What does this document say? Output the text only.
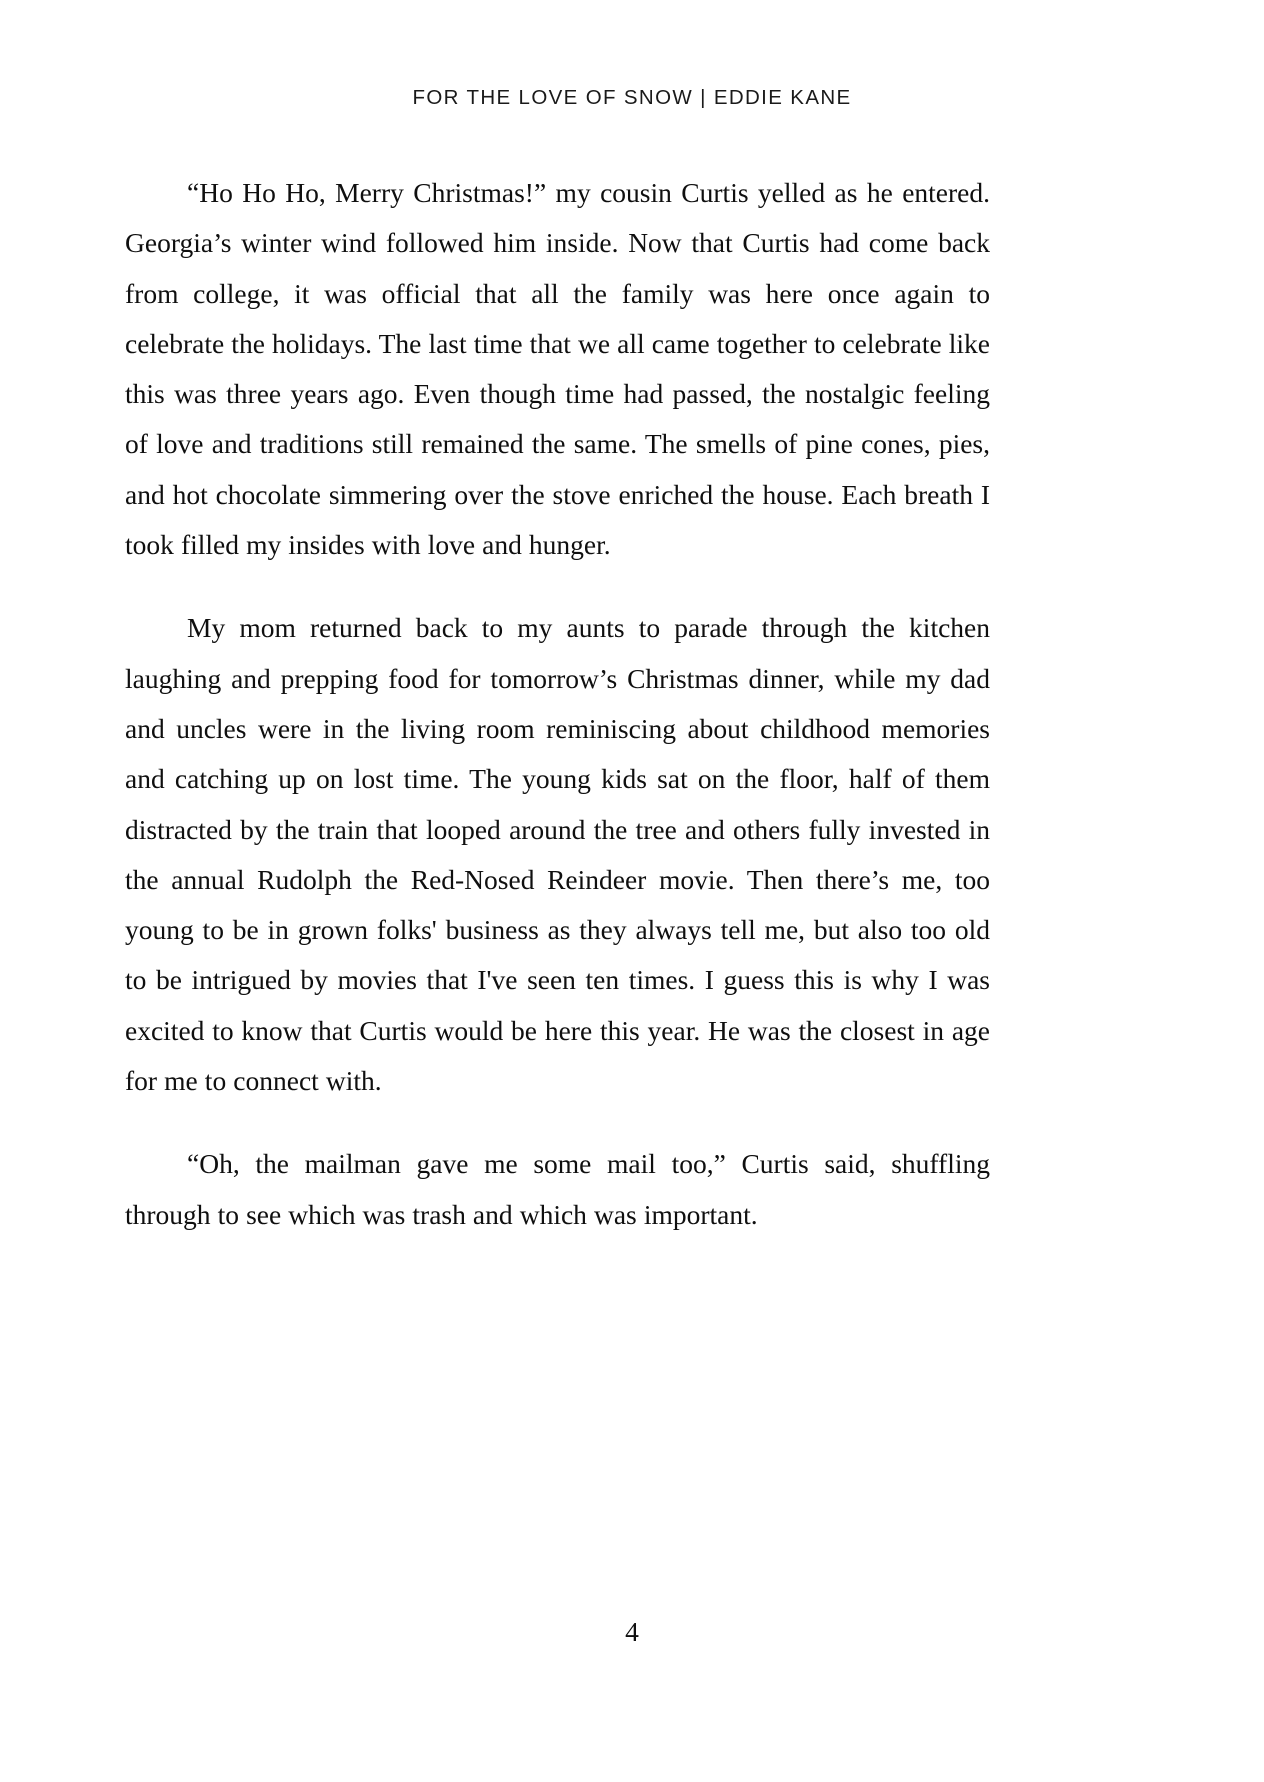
FOR THE LOVE OF SNOW | EDDIE KANE

“Ho Ho Ho, Merry Christmas!” my cousin Curtis yelled as he entered. Georgia’s winter wind followed him inside. Now that Curtis had come back from college, it was official that all the family was here once again to celebrate the holidays. The last time that we all came together to celebrate like this was three years ago. Even though time had passed, the nostalgic feeling of love and traditions still remained the same. The smells of pine cones, pies, and hot chocolate simmering over the stove enriched the house. Each breath I took filled my insides with love and hunger.

My mom returned back to my aunts to parade through the kitchen laughing and prepping food for tomorrow’s Christmas dinner, while my dad and uncles were in the living room reminiscing about childhood memories and catching up on lost time. The young kids sat on the floor, half of them distracted by the train that looped around the tree and others fully invested in the annual Rudolph the Red-Nosed Reindeer movie. Then there’s me, too young to be in grown folks' business as they always tell me, but also too old to be intrigued by movies that I've seen ten times. I guess this is why I was excited to know that Curtis would be here this year. He was the closest in age for me to connect with.

“Oh, the mailman gave me some mail too,” Curtis said, shuffling through to see which was trash and which was important.

4
